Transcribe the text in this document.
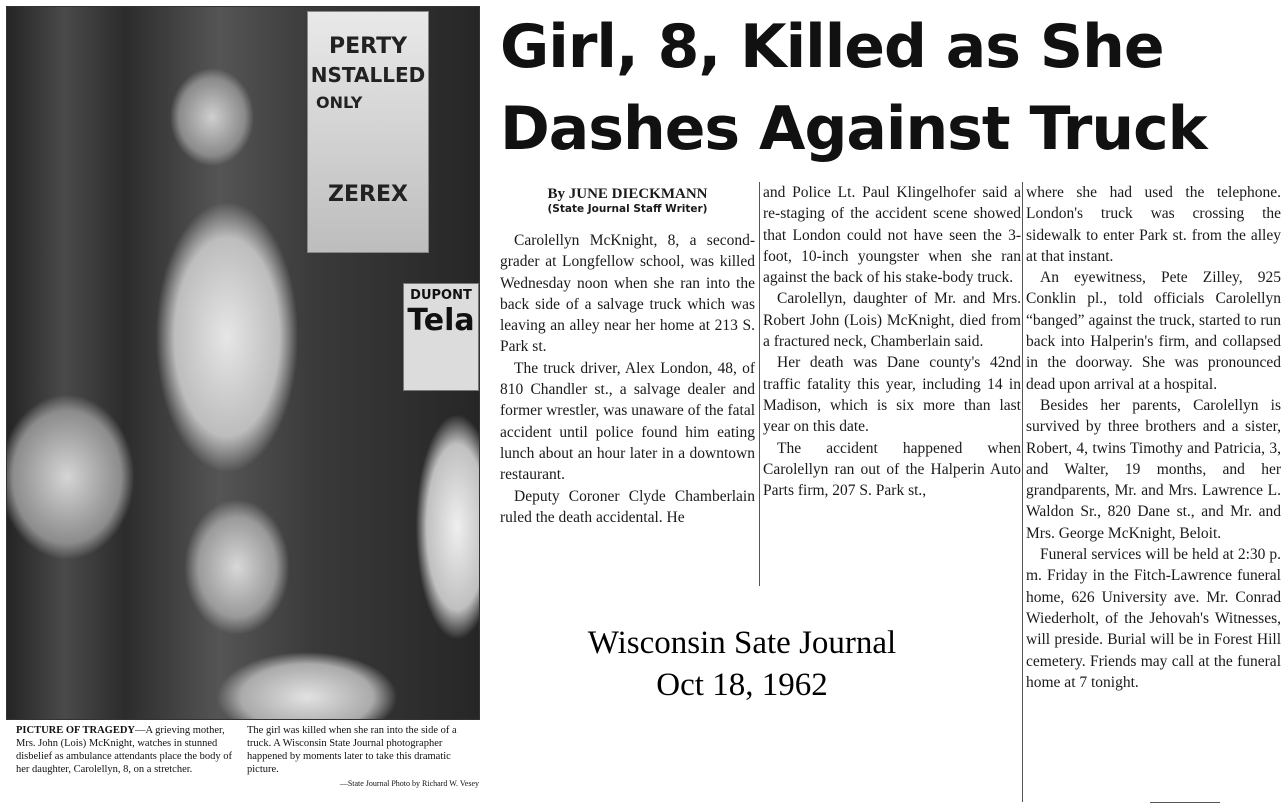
PERTY
NSTALLED
ONLY
ZEREX
DUPONT
Tela
PICTURE OF TRAGEDY—A grieving mother, Mrs. John (Lois) McKnight, watches in stunned disbelief as ambulance attendants place the body of her daughter, Carolellyn, 8, on a stretcher.
The girl was killed when she ran into the side of a truck. A Wisconsin State Journal photographer happened by moments later to take this dramatic picture.
—State Journal Photo by Richard W. Vesey
Girl, 8, Killed as She
Dashes Against Truck
By JUNE DIECKMANN
(State Journal Staff Writer)

Carolellyn McKnight, 8, a second-grader at Longfellow school, was killed Wednesday noon when she ran into the back side of a salvage truck which was leaving an alley near her home at 213 S. Park st.

The truck driver, Alex London, 48, of 810 Chandler st., a salvage dealer and former wrestler, was unaware of the fatal accident until police found him eating lunch about an hour later in a downtown restaurant.

Deputy Coroner Clyde Chamberlain ruled the death accidental. He

and Police Lt. Paul Klingelhofer said a re-staging of the accident scene showed that London could not have seen the 3-foot, 10-inch youngster when she ran against the back of his stake-body truck.

Carolellyn, daughter of Mr. and Mrs. Robert John (Lois) McKnight, died from a fractured neck, Chamberlain said.

Her death was Dane county's 42nd traffic fatality this year, including 14 in Madison, which is six more than last year on this date.

The accident happened when Carolellyn ran out of the Halperin Auto Parts firm, 207 S. Park st.,

where she had used the telephone. London's truck was crossing the sidewalk to enter Park st. from the alley at that instant.

An eyewitness, Pete Zilley, 925 Conklin pl., told officials Carolellyn “banged” against the truck, started to run back into Halperin's firm, and collapsed in the doorway. She was pronounced dead upon arrival at a hospital.

Besides her parents, Carolellyn is survived by three brothers and a sister, Robert, 4, twins Timothy and Patricia, 3, and Walter, 19 months, and her grandparents, Mr. and Mrs. Lawrence L. Waldon Sr., 820 Dane st., and Mr. and Mrs. George McKnight, Beloit.

Funeral services will be held at 2:30 p. m. Friday in the Fitch-Lawrence funeral home, 626 University ave. Mr. Conrad Wiederholt, of the Jehovah's Witnesses, will preside. Burial will be in Forest Hill cemetery. Friends may call at the funeral home at 7 tonight.

Wisconsin Sate Journal
Oct 18, 1962
